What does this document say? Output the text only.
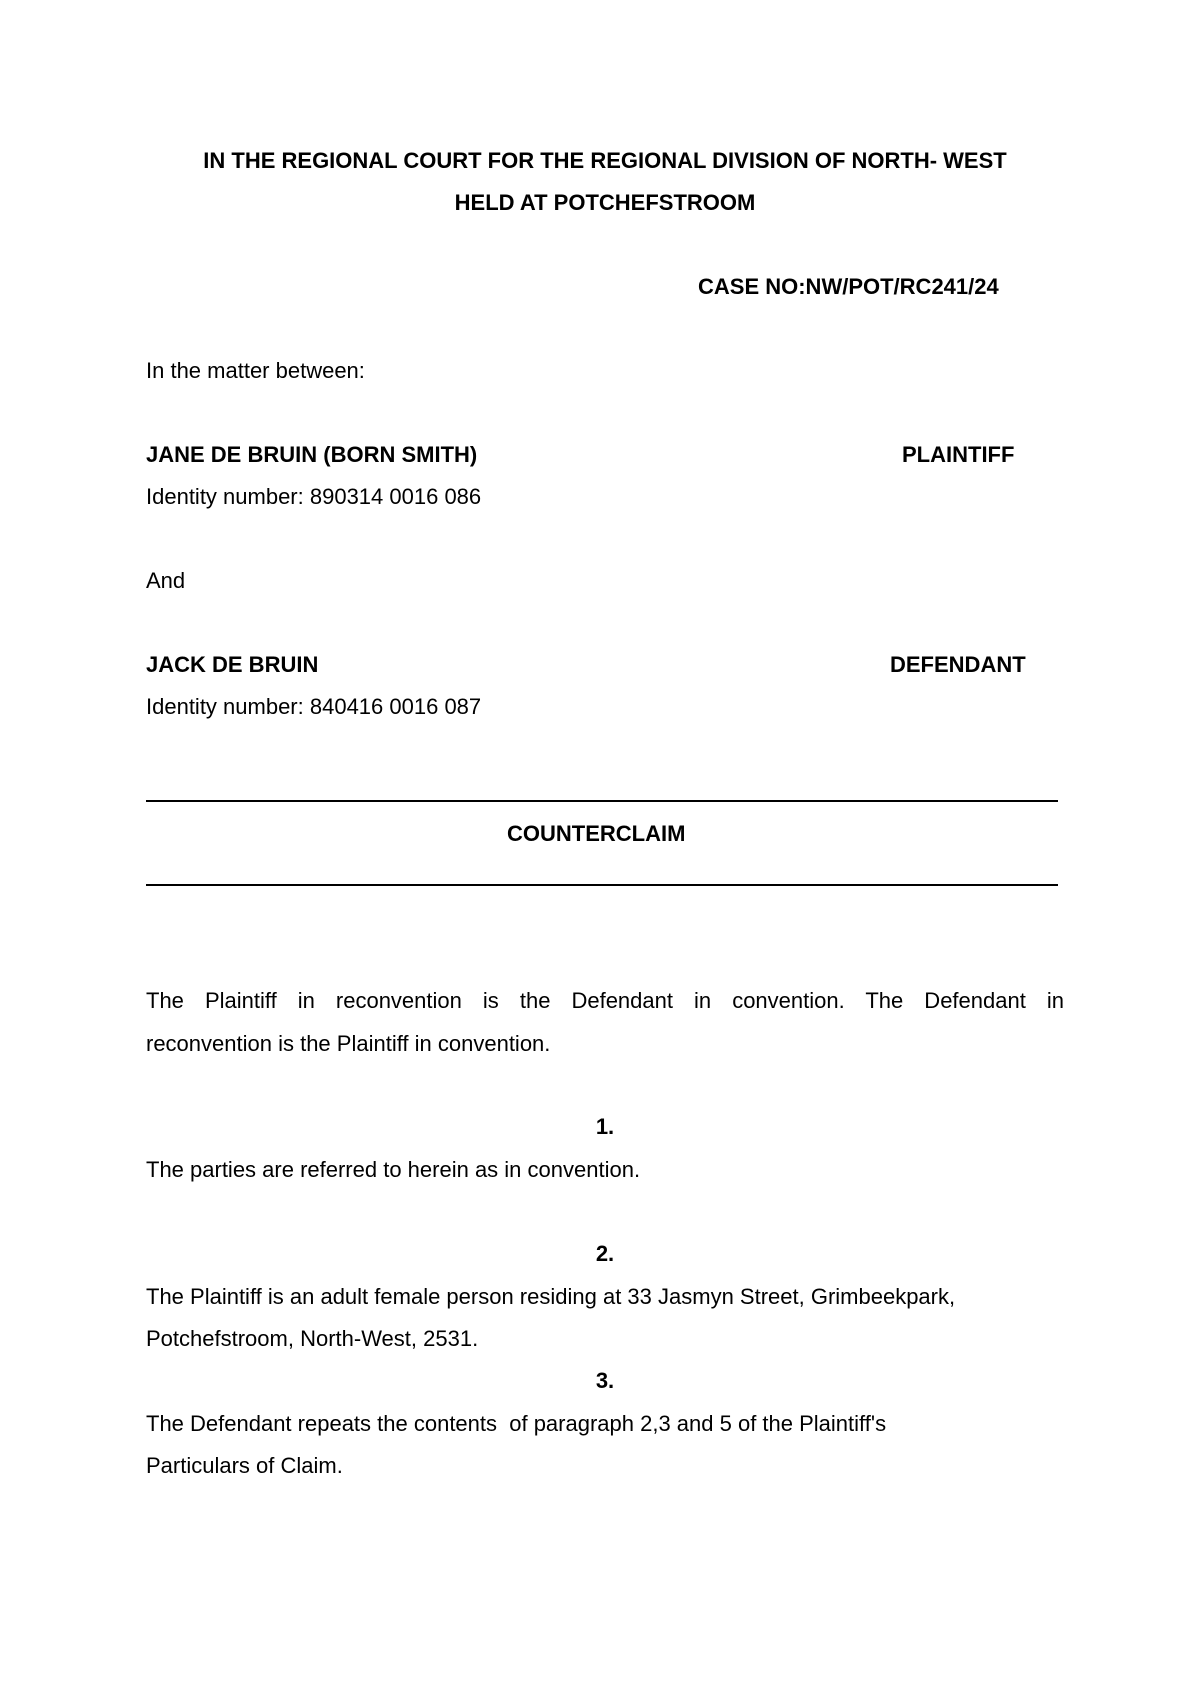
IN THE REGIONAL COURT FOR THE REGIONAL DIVISION OF NORTH- WEST
HELD AT POTCHEFSTROOM
CASE NO:NW/POT/RC241/24
In the matter between:
JANE DE BRUIN (BORN SMITH)	PLAINTIFF
Identity number: 890314 0016 086
And
JACK DE BRUIN	DEFENDANT
Identity number: 840416 0016 087
COUNTERCLAIM
The Plaintiff in reconvention is the Defendant in convention. The Defendant in
reconvention is the Plaintiff in convention.
1.
The parties are referred to herein as in convention.
2.
The Plaintiff is an adult female person residing at 33 Jasmyn Street, Grimbeekpark,
Potchefstroom, North-West, 2531.
3.
The Defendant repeats the contents  of paragraph 2,3 and 5 of the Plaintiff's
Particulars of Claim.
